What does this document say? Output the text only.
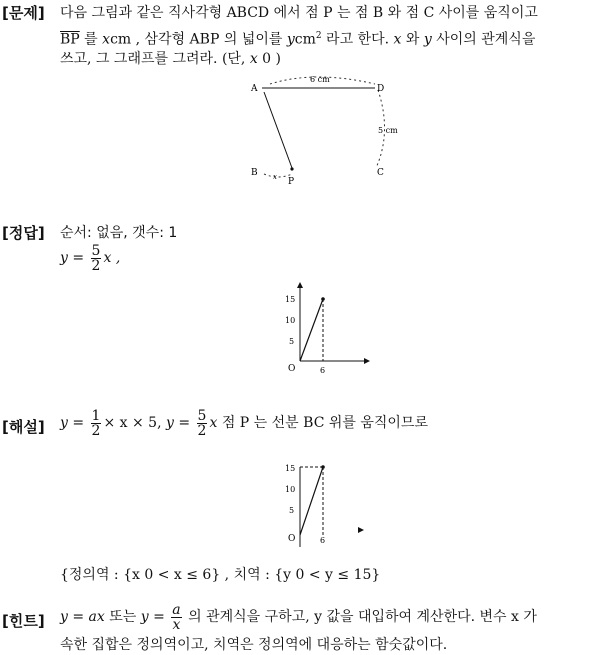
[문제] 다음 그림과 같은 직사각형 ABCD 에서 점 P 는 점 B 와 점 C 사이를 움직이고
$\overline{BP}$ 를 xcm , 삼각형 ABP 의 넓이를 ycm$^2$ 라고 한다. x 와 y 사이의 관계식을
쓰고, 그 그래프를 그려라. (단, x 0 )
A	D
B	C
P
x
6 cm
5 cm
[정답] 순서: 없음, 갯수: 1
$y = \frac{5}{2}$ x ,
15
10
5
O	6
[해설] $y = \frac{1}{2} \times x \times 5$, $y = \frac{5}{2}$ x 점 P 는 선분 BC 위를 움직이므로
15
10
5
O	6
{정의역 : {x 0 < x ≤ 6} , 치역 : {y 0 < y ≤ 15}
[힌트] y = ax 또는 $y = \frac{a}{x}$ 의 관계식을 구하고, y 값을 대입하여 계산한다. 변수 x 가
속한 집합은 정의역이고, 치역은 정의역에 대응하는 함숫값이다.
